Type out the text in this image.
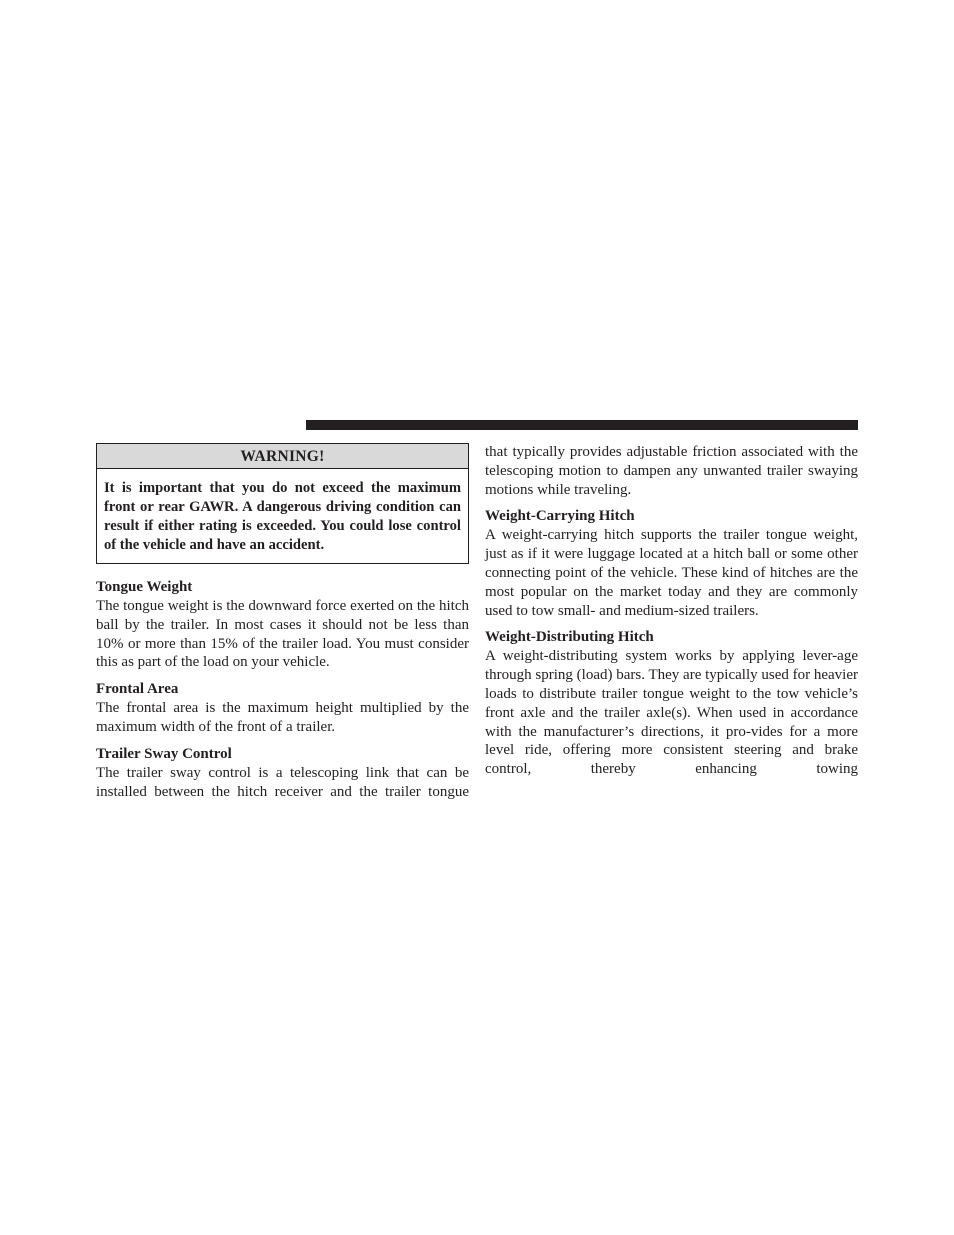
WARNING!
It is important that you do not exceed the maximum front or rear GAWR. A dangerous driving condition can result if either rating is exceeded. You could lose control of the vehicle and have an accident.
Tongue Weight
The tongue weight is the downward force exerted on the hitch ball by the trailer. In most cases it should not be less than 10% or more than 15% of the trailer load. You must consider this as part of the load on your vehicle.
Frontal Area
The frontal area is the maximum height multiplied by the maximum width of the front of a trailer.
Trailer Sway Control
The trailer sway control is a telescoping link that can be installed between the hitch receiver and the trailer tongue
that typically provides adjustable friction associated with the telescoping motion to dampen any unwanted trailer swaying motions while traveling.
Weight-Carrying Hitch
A weight-carrying hitch supports the trailer tongue weight, just as if it were luggage located at a hitch ball or some other connecting point of the vehicle. These kind of hitches are the most popular on the market today and they are commonly used to tow small- and medium-sized trailers.
Weight-Distributing Hitch
A weight-distributing system works by applying lever-age through spring (load) bars. They are typically used for heavier loads to distribute trailer tongue weight to the tow vehicle’s front axle and the trailer axle(s). When used in accordance with the manufacturer’s directions, it pro-vides for a more level ride, offering more consistent steering and brake control, thereby enhancing towing
